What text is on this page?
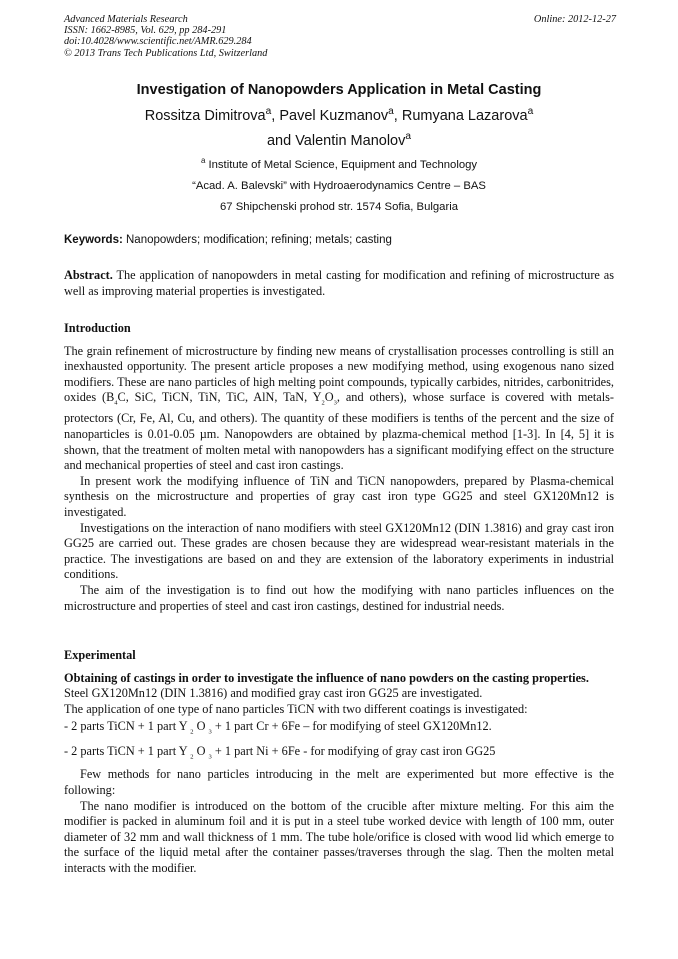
Advanced Materials Research
ISSN: 1662-8985, Vol. 629, pp 284-291
doi:10.4028/www.scientific.net/AMR.629.284
© 2013 Trans Tech Publications Ltd, Switzerland
Online: 2012-12-27
Investigation of Nanopowders Application in Metal Casting
Rossitza Dimitrova$^a$, Pavel Kuzmanov$^a$, Rumyana Lazarova$^a$
and Valentin Manolov$^a$
$^a$ Institute of Metal Science, Equipment and Technology
“Acad. A. Balevski” with Hydroaerodynamics Centre – BAS
67 Shipchenski prohod str. 1574 Sofia, Bulgaria
Keywords: Nanopowders; modification; refining; metals; casting

Abstract. The application of nanopowders in metal casting for modification and refining of microstructure as well as improving material properties is investigated.

Introduction

The grain refinement of microstructure by finding new means of crystallisation processes controlling is still an inexhausted opportunity. The present article proposes a new modifying method, using exogenous nano sized modifiers. These are nano particles of high melting point compounds, typically carbides, nitrides, carbonitrides, oxides ($B_4C$, SiC, TiCN, TiN, TiC, AlN, TaN, $Y_2O_3$, and others), whose surface is covered with metals-protectors (Cr, Fe, Al, Cu, and others). The quantity of these modifiers is tenths of the percent and the size of nanoparticles is 0.01-0.05 µm. Nanopowders are obtained by plazma-chemical method [1-3]. In [4, 5] it is shown, that the treatment of molten metal with nanopowders has a significant modifying effect on the structure and mechanical properties of steel and cast iron castings.

In present work the modifying influence of TiN and TiCN nanopowders, prepared by Plasma-chemical synthesis on the microstructure and properties of gray cast iron type GG25 and steel GX120Mn12 is investigated.

Investigations on the interaction of nano modifiers with steel GX120Mn12 (DIN 1.3816) and gray cast iron GG25 are carried out. These grades are chosen because they are widespread wear-resistant materials in the practice. The investigations are based on and they are extension of the laboratory experiments in industrial conditions.

The aim of the investigation is to find out how the modifying with nano particles influences on the microstructure and properties of steel and cast iron castings, destined for industrial needs.

Experimental
Obtaining of castings in order to investigate the influence of nano powders on the casting properties.

Steel GX120Mn12 (DIN 1.3816) and modified gray cast iron GG25 are investigated.

The application of one type of nano particles TiCN with two different coatings is investigated:

- 2 parts TiCN + 1 part Y $_2$ O $_3$ + 1 part Cr + 6Fe – for modifying of steel GX120Mn12.

- 2 parts TiCN + 1 part Y $_2$ O $_3$ + 1 part Ni + 6Fe - for modifying of gray cast iron GG25

Few methods for nano particles introducing in the melt are experimented but more effective is the following:

The nano modifier is introduced on the bottom of the crucible after mixture melting. For this aim the modifier is packed in aluminum foil and it is put in a steel tube worked device with length of 100 mm, outer diameter of 32 mm and wall thickness of 1 mm. The tube hole/orifice is closed with wood lid which emerge to the surface of the liquid metal after the container passes/traverses through the slag. Then the molten metal interacts with the modifier.
